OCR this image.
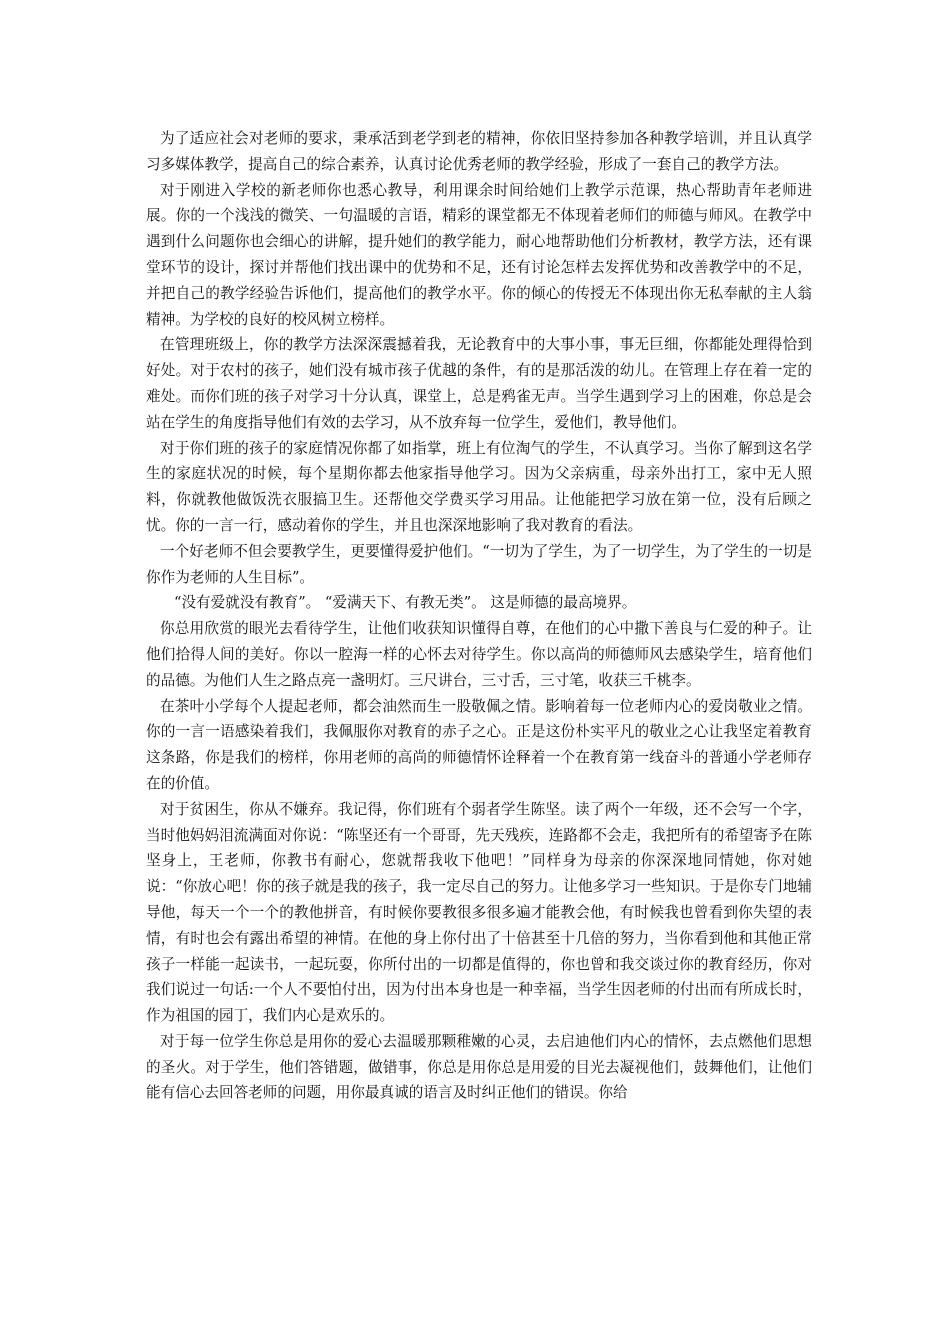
为了适应社会对老师的要求，秉承活到老学到老的精神，你依旧坚持参加各种教学培训，并且认真学习多媒体教学，提高自己的综合素养，认真讨论优秀老师的教学经验，形成了一套自己的教学方法。

对于刚进入学校的新老师你也悉心教导，利用课余时间给她们上教学示范课，热心帮助青年老师进展。你的一个浅浅的微笑、一句温暖的言语，精彩的课堂都无不体现着老师们的师德与师风。在教学中遇到什么问题你也会细心的讲解，提升她们的教学能力，耐心地帮助他们分析教材，教学方法，还有课堂环节的设计，探讨并帮他们找出课中的优势和不足，还有讨论怎样去发挥优势和改善教学中的不足，并把自己的教学经验告诉他们，提高他们的教学水平。你的倾心的传授无不体现出你无私奉献的主人翁精神。为学校的良好的校风树立榜样。

在管理班级上，你的教学方法深深震撼着我，无论教育中的大事小事，事无巨细，你都能处理得恰到好处。对于农村的孩子，她们没有城市孩子优越的条件，有的是那活泼的幼儿。在管理上存在着一定的难处。而你们班的孩子对学习十分认真，课堂上，总是鸦雀无声。当学生遇到学习上的困难，你总是会站在学生的角度指导他们有效的去学习，从不放弃每一位学生，爱他们，教导他们。

对于你们班的孩子的家庭情况你都了如指掌，班上有位淘气的学生，不认真学习。当你了解到这名学生的家庭状况的时候，每个星期你都去他家指导他学习。因为父亲病重，母亲外出打工，家中无人照料，你就教他做饭洗衣服搞卫生。还帮他交学费买学习用品。让他能把学习放在第一位，没有后顾之忧。你的一言一行，感动着你的学生，并且也深深地影响了我对教育的看法。

一个好老师不但会要教学生，更要懂得爱护他们。“一切为了学生，为了一切学生，为了学生的一切是你作为老师的人生目标”。

“没有爱就没有教育”。 “爱满天下、有教无类”。 这是师德的最高境界。

你总用欣赏的眼光去看待学生，让他们收获知识懂得自尊，在他们的心中撒下善良与仁爱的种子。让他们拾得人间的美好。你以一腔海一样的心怀去对待学生。你以高尚的师德师风去感染学生，培育他们的品德。为他们人生之路点亮一盏明灯。三尺讲台，三寸舌，三寸笔，收获三千桃李。

在茶叶小学每个人提起老师，都会油然而生一股敬佩之情。影响着每一位老师内心的爱岗敬业之情。你的一言一语感染着我们，我佩服你对教育的赤子之心。正是这份朴实平凡的敬业之心让我坚定着教育这条路，你是我们的榜样，你用老师的高尚的师德情怀诠释着一个在教育第一线奋斗的普通小学老师存在的价值。

对于贫困生，你从不嫌弃。我记得，你们班有个弱者学生陈坚。读了两个一年级，还不会写一个字，当时他妈妈泪流满面对你说：“陈坚还有一个哥哥，先天残疾，连路都不会走，我把所有的希望寄予在陈坚身上，王老师，你教书有耐心，您就帮我收下他吧！”同样身为母亲的你深深地同情她，你对她说：“你放心吧！你的孩子就是我的孩子，我一定尽自己的努力。让他多学习一些知识。于是你专门地辅导他，每天一个一个的教他拼音，有时候你要教很多很多遍才能教会他，有时候我也曾看到你失望的表情，有时也会有露出希望的神情。在他的身上你付出了十倍甚至十几倍的努力，当你看到他和其他正常孩子一样能一起读书，一起玩耍，你所付出的一切都是值得的，你也曾和我交谈过你的教育经历，你对我们说过一句话:一个人不要怕付出，因为付出本身也是一种幸福，当学生因老师的付出而有所成长时，作为祖国的园丁，我们内心是欢乐的。

对于每一位学生你总是用你的爱心去温暖那颗稚嫩的心灵，去启迪他们内心的情怀，去点燃他们思想的圣火。对于学生，他们答错题，做错事，你总是用你总是用爱的目光去凝视他们，鼓舞他们，让他们能有信心去回答老师的问题，用你最真诚的语言及时纠正他们的错误。你给
